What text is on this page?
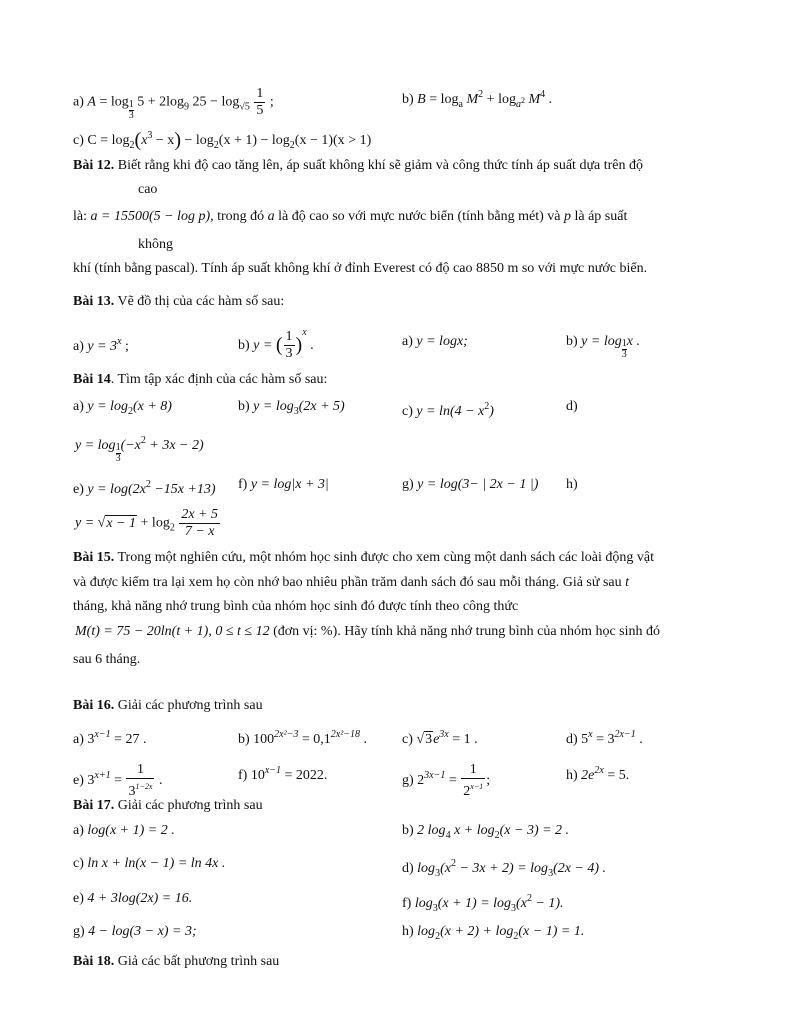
a) $A = \log \frac{1}{3} 5 + 2\log_9$ $25 - \log_{√5} \frac{1}{5}$ ;	b) $B = \log_a M^2 + \log_{a^2} M^4$ .
c) $C = \log_2(x^3 - x) - \log_2(x + 1) - \log_2(x - 1)(x > 1)$
Bài 12. Biết rằng khi độ cao tăng lên, áp suất không khí sẽ giảm và công thức tính áp suất dựa trên độ
cao
là: a = 15500(5 − log p), trong đó a là độ cao so với mực nước biển (tính bằng mét) và p là áp suất
không
khí (tính bằng pascal). Tính áp suất không khí ở đỉnh Everest có độ cao 8850 m so với mực nước biển.
Bài 13. Vẽ đồ thị của các hàm số sau:
a) $y = 3^x$ ;	b) y = ( $\frac{1}{3} )^x$ .	a) y = logx;	b) $y = \log \frac{1}{3}$ x .
Bài 14. Tìm tập xác định của các hàm số sau:
a) $y = \log_2(x + 8)$	b) $y = \log_3(2x + 5)$	c) $y = \ln(4 - x^2)$	d)
$y = \log \frac{1}{3} (-x^2 + 3x - 2)$
e) $y = \log(2x^2 -15x +13)$ f) y = log|x + 3|	g) y = log(3− | 2x − 1 |) h)
$y = √x - 1 + \log_2 \frac{2x + 5}{7 - x}$
Bài 15. Trong một nghiên cứu, một nhóm học sinh được cho xem cùng một danh sách các loài động vật
và được kiểm tra lại xem họ còn nhớ bao nhiêu phần trăm danh sách đó sau mỗi tháng. Giả sử sau t
tháng, khả năng nhớ trung bình của nhóm học sinh đó được tính theo công thức
M(t) = 75 − 20ln(t + 1), 0 ≤ t ≤ 12 (đơn vị: %). Hãy tính khả năng nhớ trung bình của nhóm học sinh đó
sau 6 tháng.
Bài 16. Giải các phương trình sau
a) $3^{x-1} = 27$ .	b) $100^{2x^2-3} = 0,1^{2x^2-18}$ .	c) $√3e^{3x} = 1$ .	d) $5^x = 3^{2x-1}$ .
e) $3^{x+1} = \frac{1}{3^{1-2x}}$ .	f) $10^{x-1} = 2022$.	g) $2^{3x-1} = \frac{1}{2^{x-1}}$ ;	h) $2e^{2x} = 5$.
Bài 17. Giải các phương trình sau
a) log(x + 1) = 2 .	b) 2 $\log_4 x + \log_2(x - 3) = 2$ .
c) ln x + ln(x − 1) = ln 4x .	d) $\log_3(x^2 - 3x + 2) = \log_3(2x - 4)$ .
e) 4 + 3log(2x) = 16.	f) $\log_3(x + 1) = \log_3(x^2 - 1)$.
g) 4 − log(3 − x) = 3;	h) $\log_2(x + 2) + \log_2(x - 1) = 1$.
Bài 18. Giả các bất phương trình sau
